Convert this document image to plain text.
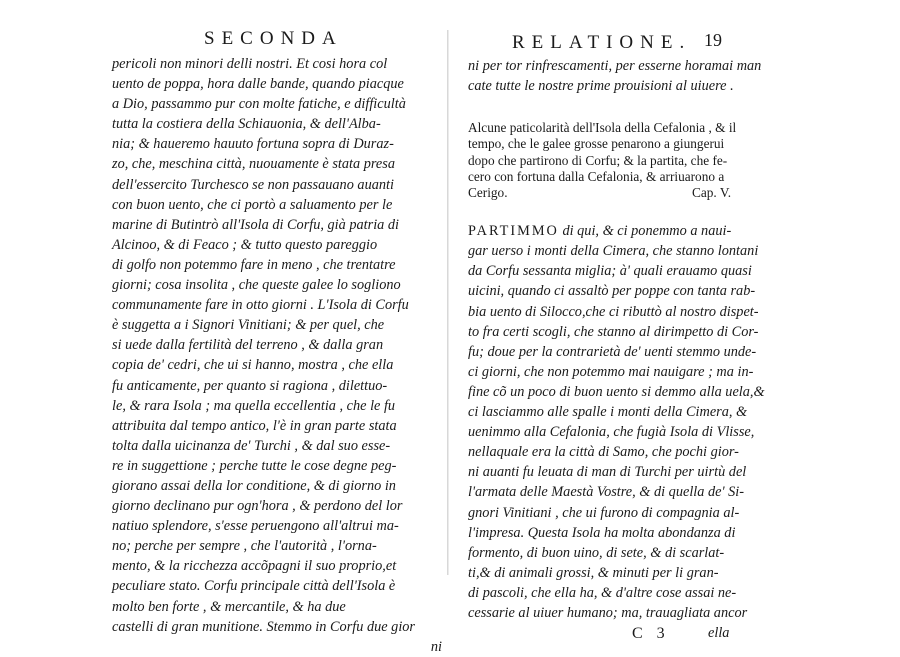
SECONDA
pericoli non minori delli nostri. Et cosi hora col
uento de poppa, hora dalle bande, quando piacque
a Dio, passammo pur con molte fatiche, e difficultà
tutta la costiera della Schiauonia, & dell'Alba-
nia; & haueremo hauuto fortuna sopra di Duraz-
zo, che, meschina città, nuouamente è stata presa
dell'essercito Turchesco se non passauano auanti
con buon uento, che ci portò a saluamento per le
marine di Butintrò all'Isola di Corfu, già patria di
Alcinoo, & di Feaco ; & tutto questo pareggio
di golfo non potemmo fare in meno , che trentatre
giorni; cosa insolita , che queste galee lo sogliono
communamente fare in otto giorni . L'Isola di Corfu
è suggetta a i Signori Vinitiani; & per quel, che
si uede dalla fertilità del terreno , & dalla gran
copia de' cedri, che ui si hanno, mostra , che ella
fu anticamente, per quanto si ragiona , dilettuo-
le, & rara Isola ; ma quella eccellentia , che le fu
attribuita dal tempo antico, l'è in gran parte stata
tolta dalla uicinanza de' Turchi , & dal suo esse-
re in suggettione ; perche tutte le cose degne peg-
giorano assai della lor conditione, & di giorno in
giorno declinano pur ogn'hora , & perdono del lor
natiuo splendore, s'esse peruengono all'altrui ma-
no; perche per sempre , che l'autorità , l'orna-
mento, & la ricchezza accõpagni il suo proprio,et
peculiare stato. Corfu principale città dell'Isola è
molto ben forte , & mercantile, & ha due
castelli di gran munitione. Stemmo in Corfu due gior
ni
RELATIONE. 19
ni per tor rinfrescamenti, per esserne horamai man
cate tutte le nostre prime prouisioni al uiuere .
Alcune paticolarità dell'Isola della Cefalonia , & il
tempo, che le galee grosse penarono a giungerui
dopo che partirono di Corfu; & la partita, che fe-
cero con fortuna dalla Cefalonia, & arriuarono a
Cerigo.	Cap. V.
PARTIMMO di qui, & ci ponemmo a naui-
gar uerso i monti della Cimera, che stanno lontani
da Corfu sessanta miglia; à' quali erauamo quasi
uicini, quando ci assaltò per poppe con tanta rab-
bia uento di Silocco,che ci ributtò al nostro dispet-
to fra certi scogli, che stanno al dirimpetto di Cor-
fu; doue per la contrarietà de' uenti stemmo unde-
ci giorni, che non potemmo mai nauigare ; ma in-
fine cõ un poco di buon uento si demmo alla uela,&
ci lasciammo alle spalle i monti della Cimera, &
uenimmo alla Cefalonia, che fugià Isola di Vlisse,
nellaquale era la città di Samo, che pochi gior-
ni auanti fu leuata di man di Turchi per uirtù del
l'armata delle Maestà Vostre, & di quella de' Si-
gnori Vinitiani , che ui furono di compagnia al-
l'impresa. Questa Isola ha molta abondanza di
formento, di buon uino, di sete, & di scarlat-
ti,& di animali grossi, & minuti per li gran-
di pascoli, che ella ha, & d'altre cose assai ne-
cessarie al uiuer humano; ma, trauagliata ancor
C 3	ella
